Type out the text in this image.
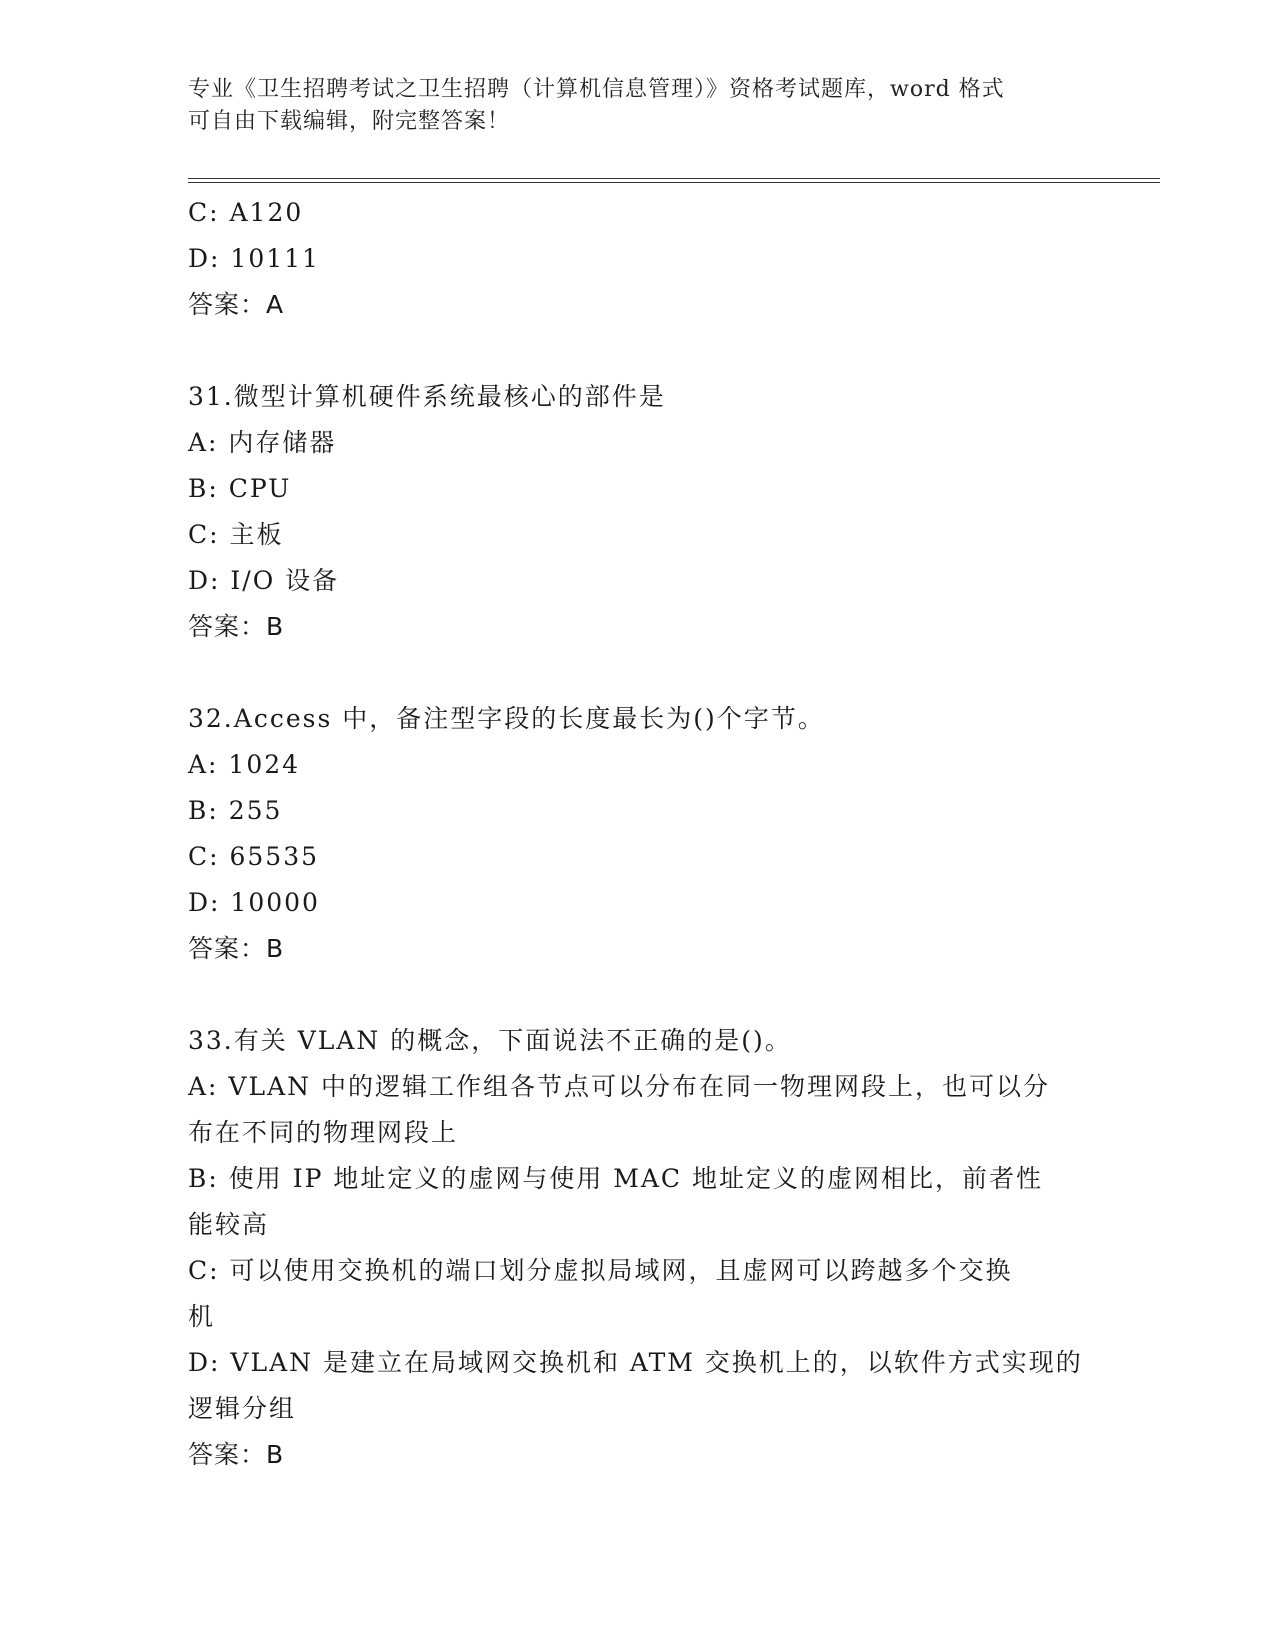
专业《卫生招聘考试之卫生招聘（计算机信息管理）》资格考试题库，word 格式
可自由下载编辑，附完整答案！
C: A120
D: 10111
答案：A
31.微型计算机硬件系统最核心的部件是
A: 内存储器
B: CPU
C: 主板
D: I/O 设备
答案：B
32.Access 中，备注型字段的长度最长为()个字节。
A: 1024
B: 255
C: 65535
D: 10000
答案：B
33.有关 VLAN 的概念，下面说法不正确的是()。
A: VLAN 中的逻辑工作组各节点可以分布在同一物理网段上，也可以分
布在不同的物理网段上
B: 使用 IP 地址定义的虚网与使用 MAC 地址定义的虚网相比，前者性
能较高
C: 可以使用交换机的端口划分虚拟局域网，且虚网可以跨越多个交换
机
D: VLAN 是建立在局域网交换机和 ATM 交换机上的，以软件方式实现的
逻辑分组
答案：B
